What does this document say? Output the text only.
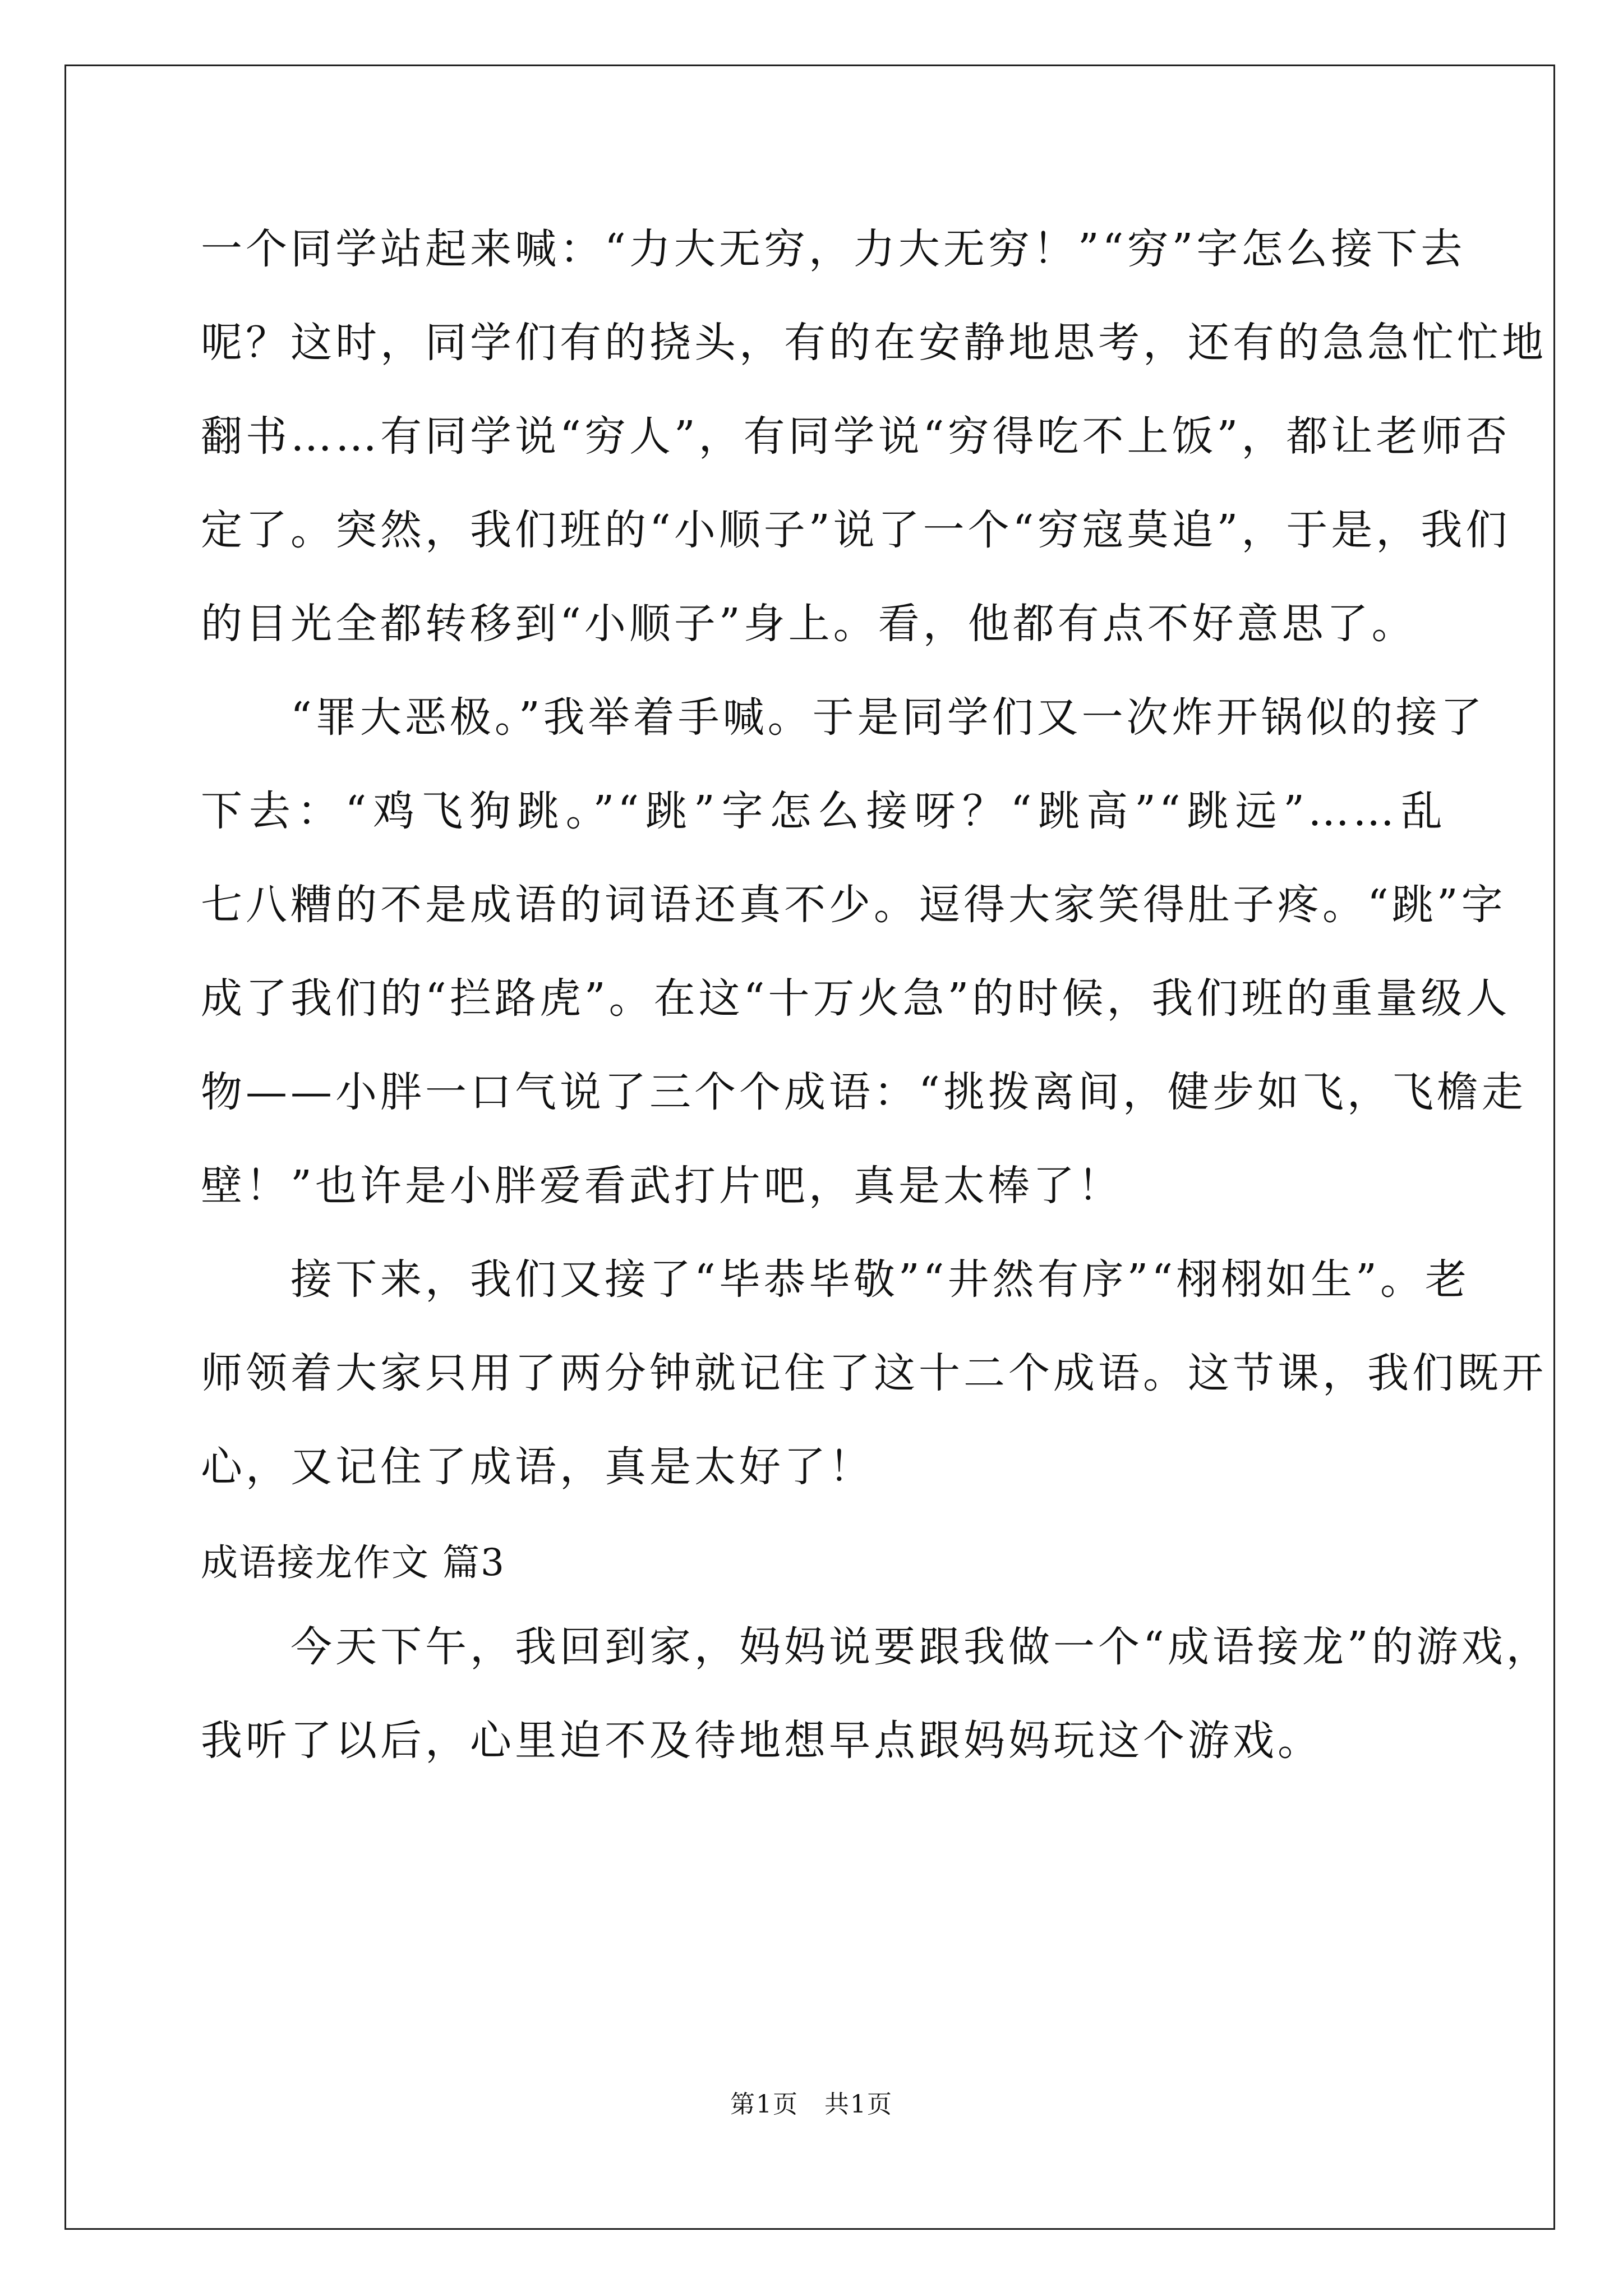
一个同学站起来喊：“力大无穷，力大无穷！”“穷”字怎么接下去
呢？这时，同学们有的挠头，有的在安静地思考，还有的急急忙忙地
翻书……有同学说“穷人”，有同学说“穷得吃不上饭”，都让老师否
定了。突然，我们班的“小顺子”说了一个“穷寇莫追”，于是，我们
的目光全都转移到“小顺子”身上。看，他都有点不好意思了。
　　“罪大恶极。”我举着手喊。于是同学们又一次炸开锅似的接了
下去：“鸡飞狗跳。”“跳”字怎么接呀？“跳高”“跳远”……乱
七八糟的不是成语的词语还真不少。逗得大家笑得肚子疼。“跳”字
成了我们的“拦路虎”。在这“十万火急”的时候，我们班的重量级人
物——小胖一口气说了三个个成语：“挑拨离间，健步如飞，飞檐走
壁！”也许是小胖爱看武打片吧，真是太棒了！
　　接下来，我们又接了“毕恭毕敬”“井然有序”“栩栩如生”。老
师领着大家只用了两分钟就记住了这十二个成语。这节课，我们既开
心，又记住了成语，真是太好了！
成语接龙作文 篇3
　　今天下午，我回到家，妈妈说要跟我做一个“成语接龙”的游戏，
我听了以后，心里迫不及待地想早点跟妈妈玩这个游戏。
第1页　共1页
